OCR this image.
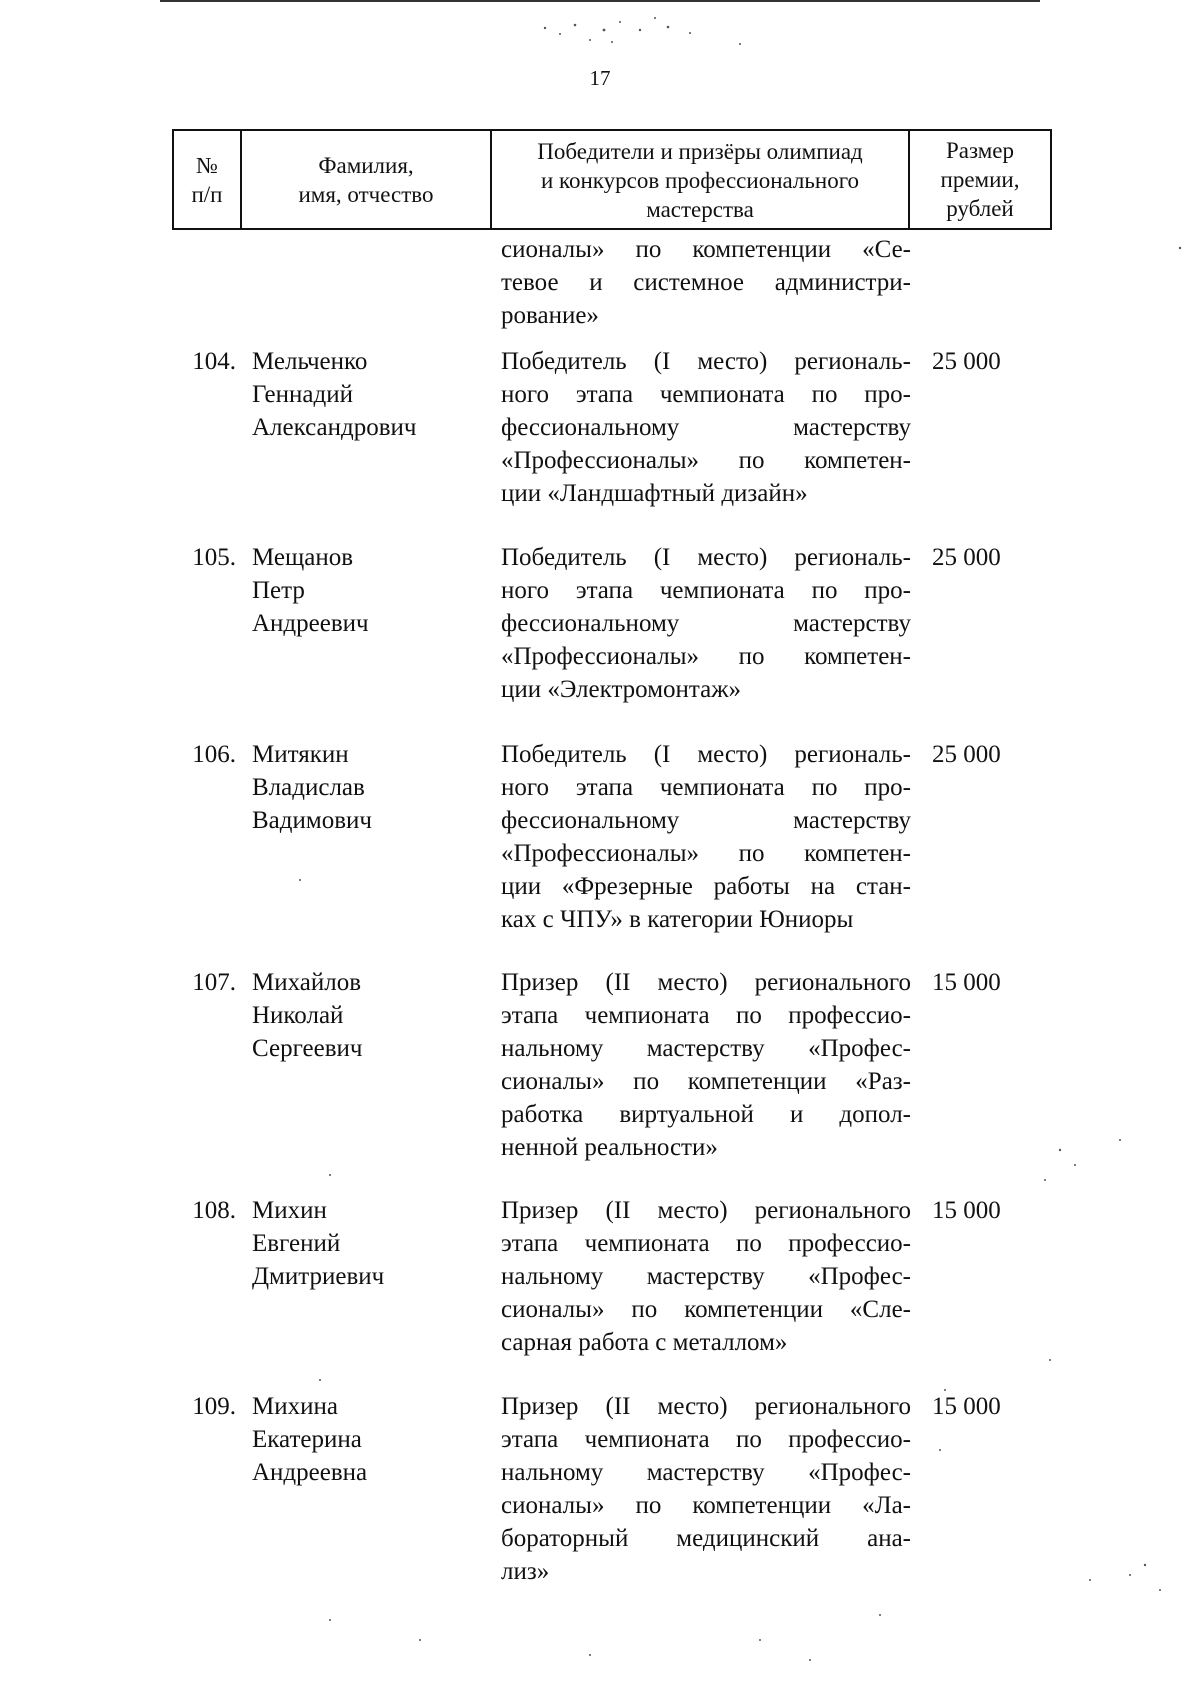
17
№
п/п
Фамилия,
имя, отчество
Победители и призёры олимпиад
и конкурсов профессионального
мастерства
Размер
премии,
рублей
сионалы» по компетенции «Се-
тевое и системное администри-
рование»
104. Мельченко
Геннадий
Александрович
Победитель (I место) региональ-
ного этапа чемпионата по про-
фессиональному мастерству
«Профессионалы» по компетен-
ции «Ландшафтный дизайн»
25 000
105. Мещанов
Петр
Андреевич
Победитель (I место) региональ-
ного этапа чемпионата по про-
фессиональному мастерству
«Профессионалы» по компетен-
ции «Электромонтаж»
25 000
106. Митякин
Владислав
Вадимович
Победитель (I место) региональ-
ного этапа чемпионата по про-
фессиональному мастерству
«Профессионалы» по компетен-
ции «Фрезерные работы на стан-
ках с ЧПУ» в категории Юниоры
25 000
107. Михайлов
Николай
Сергеевич
Призер (II место) регионального
этапа чемпионата по профессио-
нальному мастерству «Профес-
сионалы» по компетенции «Раз-
работка виртуальной и допол-
ненной реальности»
15 000
108. Михин
Евгений
Дмитриевич
Призер (II место) регионального
этапа чемпионата по профессио-
нальному мастерству «Профес-
сионалы» по компетенции «Сле-
сарная работа с металлом»
15 000
109. Михина
Екатерина
Андреевна
Призер (II место) регионального
этапа чемпионата по профессио-
нальному мастерству «Профес-
сионалы» по компетенции «Ла-
бораторный медицинский ана-
лиз»
15 000
